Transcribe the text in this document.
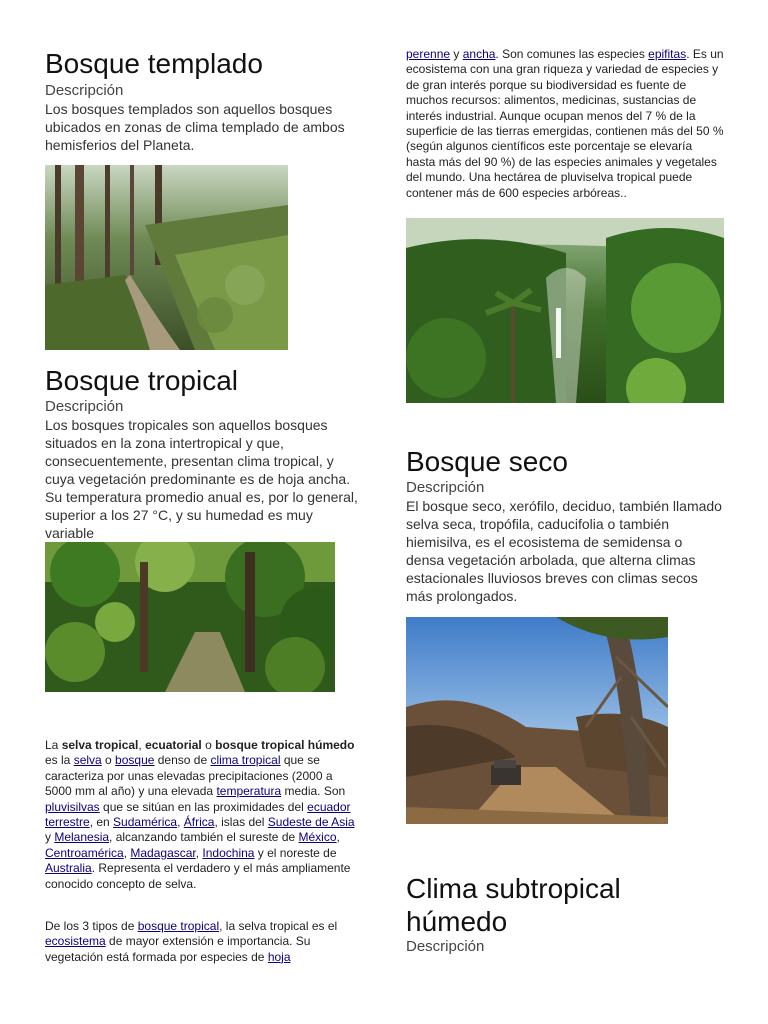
Bosque templado
Descripción
Los bosques templados son aquellos bosques ubicados en zonas de clima templado de ambos hemisferios del Planeta.
Bosque tropical
Descripción
Los bosques tropicales son aquellos bosques situados en la zona intertropical y que, consecuentemente, presentan clima tropical, y cuya vegetación predominante es de hoja ancha. Su temperatura promedio anual es, por lo general, superior a los 27 °C, y su humedad es muy variable
La selva tropical, ecuatorial o bosque tropical húmedo es la selva o bosque denso de clima tropical que se caracteriza por unas elevadas precipitaciones (2000 a 5000 mm al año) y una elevada temperatura media. Son pluvisilvas que se sitúan en las proximidades del ecuador terrestre, en Sudamérica, África, islas del Sudeste de Asia y Melanesia, alcanzando también el sureste de México, Centroamérica, Madagascar, Indochina y el noreste de Australia. Representa el verdadero y el más ampliamente conocido concepto de selva.
De los 3 tipos de bosque tropical, la selva tropical es el ecosistema de mayor extensión e importancia. Su vegetación está formada por especies de hoja
perenne y ancha. Son comunes las especies epifitas. Es un ecosistema con una gran riqueza y variedad de especies y de gran interés porque su biodiversidad es fuente de muchos recursos: alimentos, medicinas, sustancias de interés industrial. Aunque ocupan menos del 7 % de la superficie de las tierras emergidas, contienen más del 50 % (según algunos científicos este porcentaje se elevaría hasta más del 90 %) de las especies animales y vegetales del mundo. Una hectárea de pluviselva tropical puede contener más de 600 especies arbóreas..
Bosque seco
Descripción
El bosque seco, xerófilo, deciduo, también llamado selva seca, tropófila, caducifolia o también hiemisilva, es el ecosistema de semidensa o densa vegetación arbolada, que alterna climas estacionales lluviosos breves con climas secos más prolongados.
Clima subtropical húmedo
Descripción
